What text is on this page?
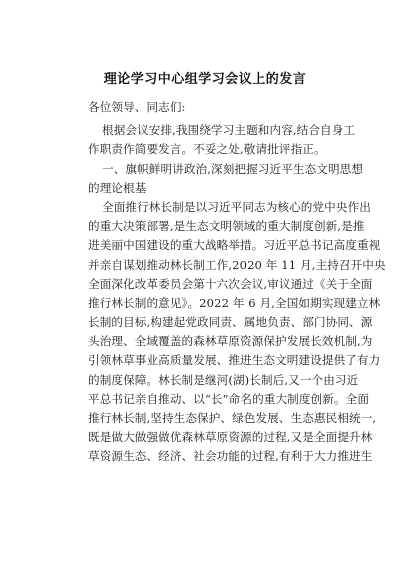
理论学习中心组学习会议上的发言
各位领导、同志们:
根据会议安排,我围绕学习主题和内容,结合自身工
作职责作简要发言。不妥之处,敬请批评指正。
一、旗帜鲜明讲政治,深刻把握习近平生态文明思想
的理论根基
全面推行林长制是以习近平同志为核心的党中央作出
的重大决策部署,是生态文明领域的重大制度创新,是推
进美丽中国建设的重大战略举措。习近平总书记高度重视
并亲自谋划推动林长制工作,2020 年 11 月,主持召开中央
全面深化改革委员会第十六次会议,审议通过《关于全面
推行林长制的意见》。2022 年 6 月,全国如期实现建立林
长制的目标,构建起党政同责、属地负责、部门协同、源
头治理、全域覆盖的森林草原资源保护发展长效机制,为
引领林草事业高质量发展、推进生态文明建设提供了有力
的制度保障。林长制是继河(湖)长制后,又一个由习近
平总书记亲自推动、以“长”命名的重大制度创新。全面
推行林长制,坚持生态保护、绿色发展、生态惠民相统一,
既是做大做强做优森林草原资源的过程,又是全面提升林
草资源生态、经济、社会功能的过程,有利于大力推进生
